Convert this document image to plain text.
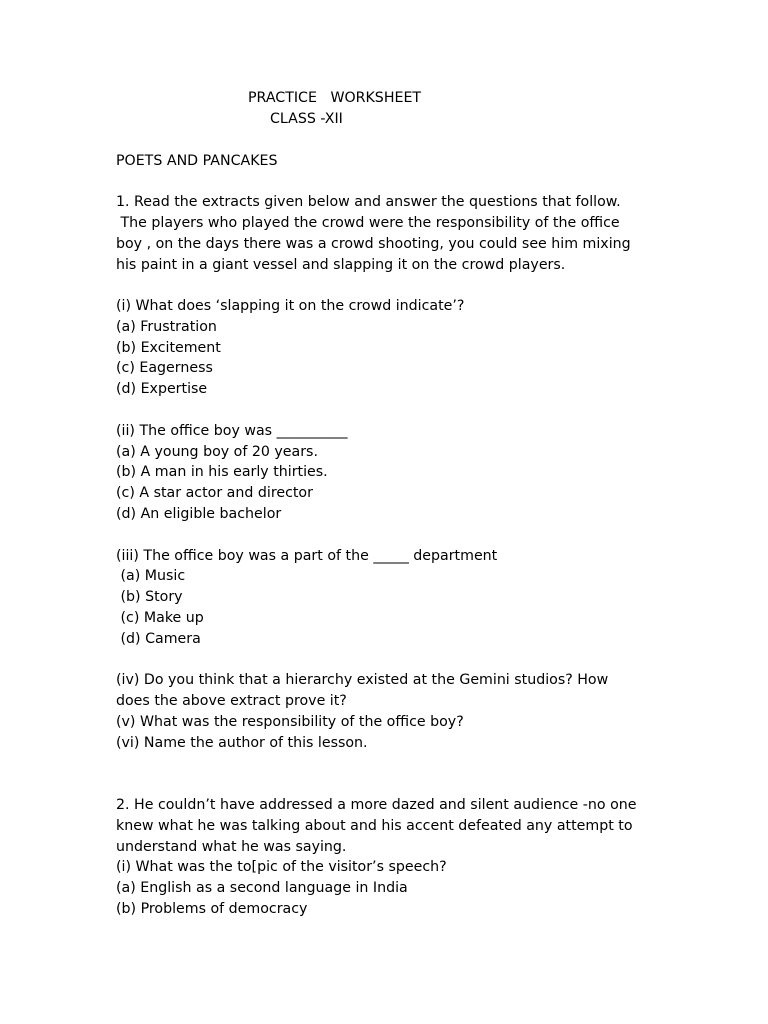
PRACTICE   WORKSHEET
CLASS -XII
POETS AND PANCAKES
1. Read the extracts given below and answer the questions that follow.
The players who played the crowd were the responsibility of the office
boy , on the days there was a crowd shooting, you could see him mixing
his paint in a giant vessel and slapping it on the crowd players.
(i) What does ‘slapping it on the crowd indicate’?
(a) Frustration
(b) Excitement
(c) Eagerness
(d) Expertise
(ii) The office boy was __________
(a) A young boy of 20 years.
(b) A man in his early thirties.
(c) A star actor and director
(d) An eligible bachelor
(iii) The office boy was a part of the _____ department
(a) Music
(b) Story
(c) Make up
(d) Camera
(iv) Do you think that a hierarchy existed at the Gemini studios? How
does the above extract prove it?
(v) What was the responsibility of the office boy?
(vi) Name the author of this lesson.
2. He couldn’t have addressed a more dazed and silent audience -no one
knew what he was talking about and his accent defeated any attempt to
understand what he was saying.
(i) What was the to[pic of the visitor’s speech?
(a) English as a second language in India
(b) Problems of democracy
